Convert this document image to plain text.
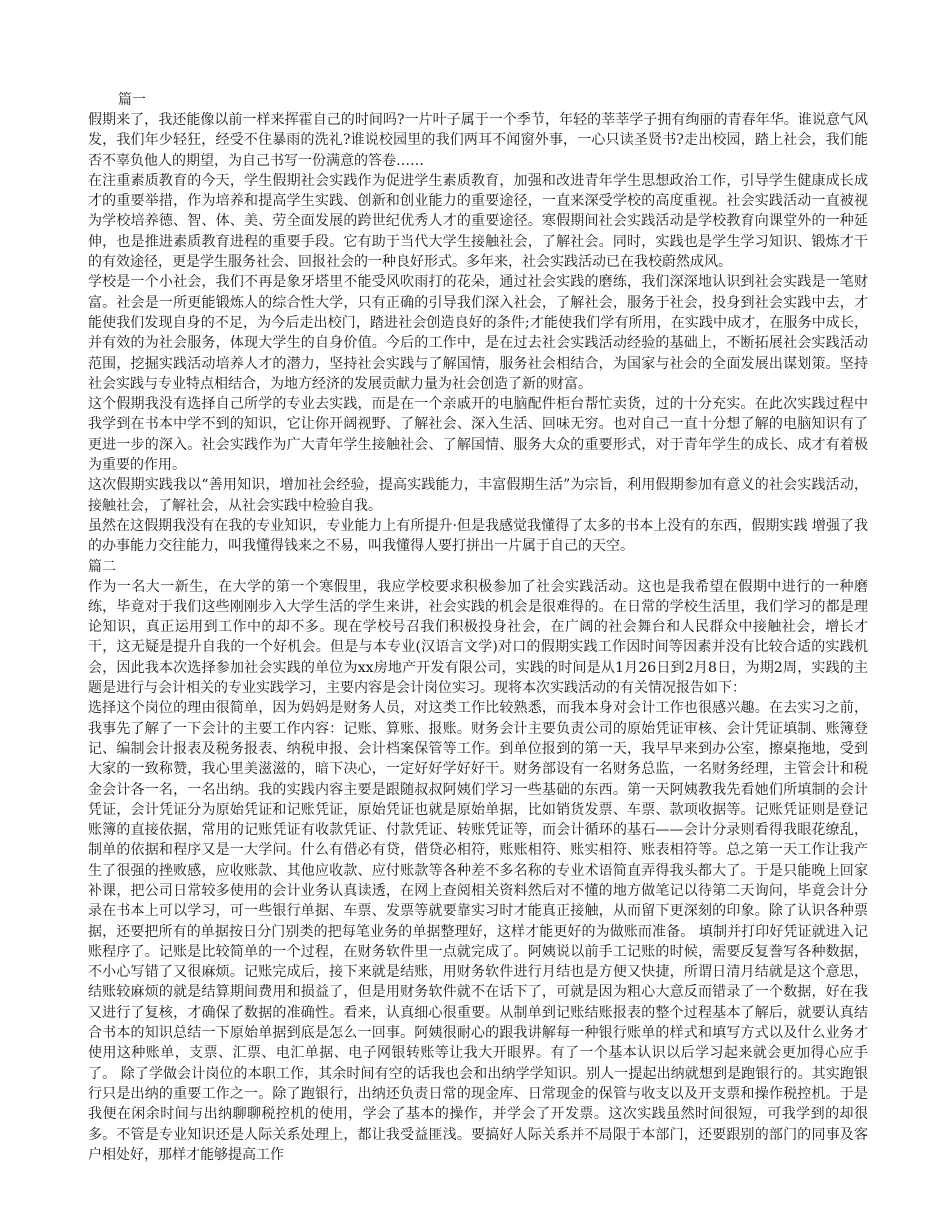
篇一

假期来了，我还能像以前一样来挥霍自己的时间吗?一片叶子属于一个季节，年轻的莘莘学子拥有绚丽的青春年华。谁说意气风发，我们年少轻狂，经受不住暴雨的洗礼?谁说校园里的我们两耳不闻窗外事，一心只读圣贤书?走出校园，踏上社会，我们能否不辜负他人的期望，为自己书写一份满意的答卷……

在注重素质教育的今天，学生假期社会实践作为促进学生素质教育，加强和改进青年学生思想政治工作，引导学生健康成长成才的重要举措，作为培养和提高学生实践、创新和创业能力的重要途径，一直来深受学校的高度重视。社会实践活动一直被视为学校培养德、智、体、美、劳全面发展的跨世纪优秀人才的重要途径。寒假期间社会实践活动是学校教育向课堂外的一种延伸，也是推进素质教育进程的重要手段。它有助于当代大学生接触社会，了解社会。同时，实践也是学生学习知识、锻炼才干的有效途径，更是学生服务社会、回报社会的一种良好形式。多年来，社会实践活动已在我校蔚然成风。

学校是一个小社会，我们不再是象牙塔里不能受风吹雨打的花朵，通过社会实践的磨练，我们深深地认识到社会实践是一笔财富。社会是一所更能锻炼人的综合性大学，只有正确的引导我们深入社会，了解社会，服务于社会，投身到社会实践中去，才能使我们发现自身的不足，为今后走出校门，踏进社会创造良好的条件;才能使我们学有所用，在实践中成才，在服务中成长，并有效的为社会服务，体现大学生的自身价值。今后的工作中，是在过去社会实践活动经验的基础上，不断拓展社会实践活动范围，挖掘实践活动培养人才的潜力，坚持社会实践与了解国情，服务社会相结合，为国家与社会的全面发展出谋划策。坚持社会实践与专业特点相结合，为地方经济的发展贡献力量为社会创造了新的财富。

这个假期我没有选择自己所学的专业去实践，而是在一个亲戚开的电脑配件柜台帮忙卖货，过的十分充实。在此次实践过程中我学到在书本中学不到的知识，它让你开阔视野、了解社会、深入生活、回味无穷。也对自己一直十分想了解的电脑知识有了更进一步的深入。社会实践作为广大青年学生接触社会、了解国情、服务大众的重要形式，对于青年学生的成长、成才有着极为重要的作用。

这次假期实践我以“善用知识，增加社会经验，提高实践能力，丰富假期生活”为宗旨，利用假期参加有意义的社会实践活动，接触社会，了解社会，从社会实践中检验自我。

虽然在这假期我没有在我的专业知识，专业能力上有所提升·但是我感觉我懂得了太多的书本上没有的东西，假期实践 增强了我的办事能力交往能力，叫我懂得钱来之不易，叫我懂得人要打拼出一片属于自己的天空。

篇二

作为一名大一新生，在大学的第一个寒假里，我应学校要求积极参加了社会实践活动。这也是我希望在假期中进行的一种磨练，毕竟对于我们这些刚刚步入大学生活的学生来讲，社会实践的机会是很难得的。在日常的学校生活里，我们学习的都是理论知识，真正运用到工作中的却不多。现在学校号召我们积极投身社会，在广阔的社会舞台和人民群众中接触社会，增长才干，这无疑是提升自我的一个好机会。但是与本专业(汉语言文学)对口的假期实践工作因时间等因素并没有比较合适的实践机会，因此我本次选择参加社会实践的单位为xx房地产开发有限公司，实践的时间是从1月26日到2月8日，为期2周，实践的主题是进行与会计相关的专业实践学习，主要内容是会计岗位实习。现将本次实践活动的有关情况报告如下：

选择这个岗位的理由很简单，因为妈妈是财务人员，对这类工作比较熟悉，而我本身对会计工作也很感兴趣。在去实习之前，我事先了解了一下会计的主要工作内容：记账、算账、报账。财务会计主要负责公司的原始凭证审核、会计凭证填制、账簿登记、编制会计报表及税务报表、纳税申报、会计档案保管等工作。到单位报到的第一天，我早早来到办公室，擦桌拖地，受到大家的一致称赞，我心里美滋滋的，暗下决心，一定好好学好好干。财务部设有一名财务总监，一名财务经理，主管会计和税金会计各一名，一名出纳。我的实践内容主要是跟随叔叔阿姨们学习一些基础的东西。第一天阿姨教我先看她们所填制的会计凭证，会计凭证分为原始凭证和记账凭证，原始凭证也就是原始单据，比如销货发票、车票、款项收据等。记账凭证则是登记账簿的直接依据，常用的记账凭证有收款凭证、付款凭证、转账凭证等，而会计循环的基石——会计分录则看得我眼花缭乱，制单的依据和程序又是一大学问。什么有借必有贷，借贷必相符，账账相符、账实相符、账表相符等。总之第一天工作让我产生了很强的挫败感，应收账款、其他应收款、应付账款等各种差不多名称的专业术语简直弄得我头都大了。于是只能晚上回家补课，把公司日常较多使用的会计业务认真读透，在网上查阅相关资料然后对不懂的地方做笔记以待第二天询问，毕竟会计分录在书本上可以学习，可一些银行单据、车票、发票等就要靠实习时才能真正接触，从而留下更深刻的印象。除了认识各种票据，还要把所有的单据按日分门别类的把每笔业务的单据整理好，这样才能更好的为做账而准备。 填制并打印好凭证就进入记账程序了。记账是比较简单的一个过程，在财务软件里一点就完成了。阿姨说以前手工记账的时候，需要反复誊写各种数据，不小心写错了又很麻烦。记账完成后，接下来就是结账，用财务软件进行月结也是方便又快捷，所谓日清月结就是这个意思，结账较麻烦的就是结算期间费用和损益了，但是用财务软件就不在话下了，可就是因为粗心大意反而错录了一个数据，好在我又进行了复核，才确保了数据的准确性。看来，认真细心很重要。从制单到记账结账报表的整个过程基本了解后，就要认真结合书本的知识总结一下原始单据到底是怎么一回事。阿姨很耐心的跟我讲解每一种银行账单的样式和填写方式以及什么业务才使用这种账单，支票、汇票、电汇单据、电子网银转账等让我大开眼界。有了一个基本认识以后学习起来就会更加得心应手了。 除了学做会计岗位的本职工作，其余时间有空的话我也会和出纳学学知识。别人一提起出纳就想到是跑银行的。其实跑银行只是出纳的重要工作之一。除了跑银行，出纳还负责日常的现金库、日常现金的保管与收支以及开支票和操作税控机。于是我便在闲余时间与出纳聊聊税控机的使用，学会了基本的操作，并学会了开发票。这次实践虽然时间很短，可我学到的却很多。不管是专业知识还是人际关系处理上，都让我受益匪浅。要搞好人际关系并不局限于本部门，还要跟别的部门的同事及客户相处好，那样才能够提高工作
